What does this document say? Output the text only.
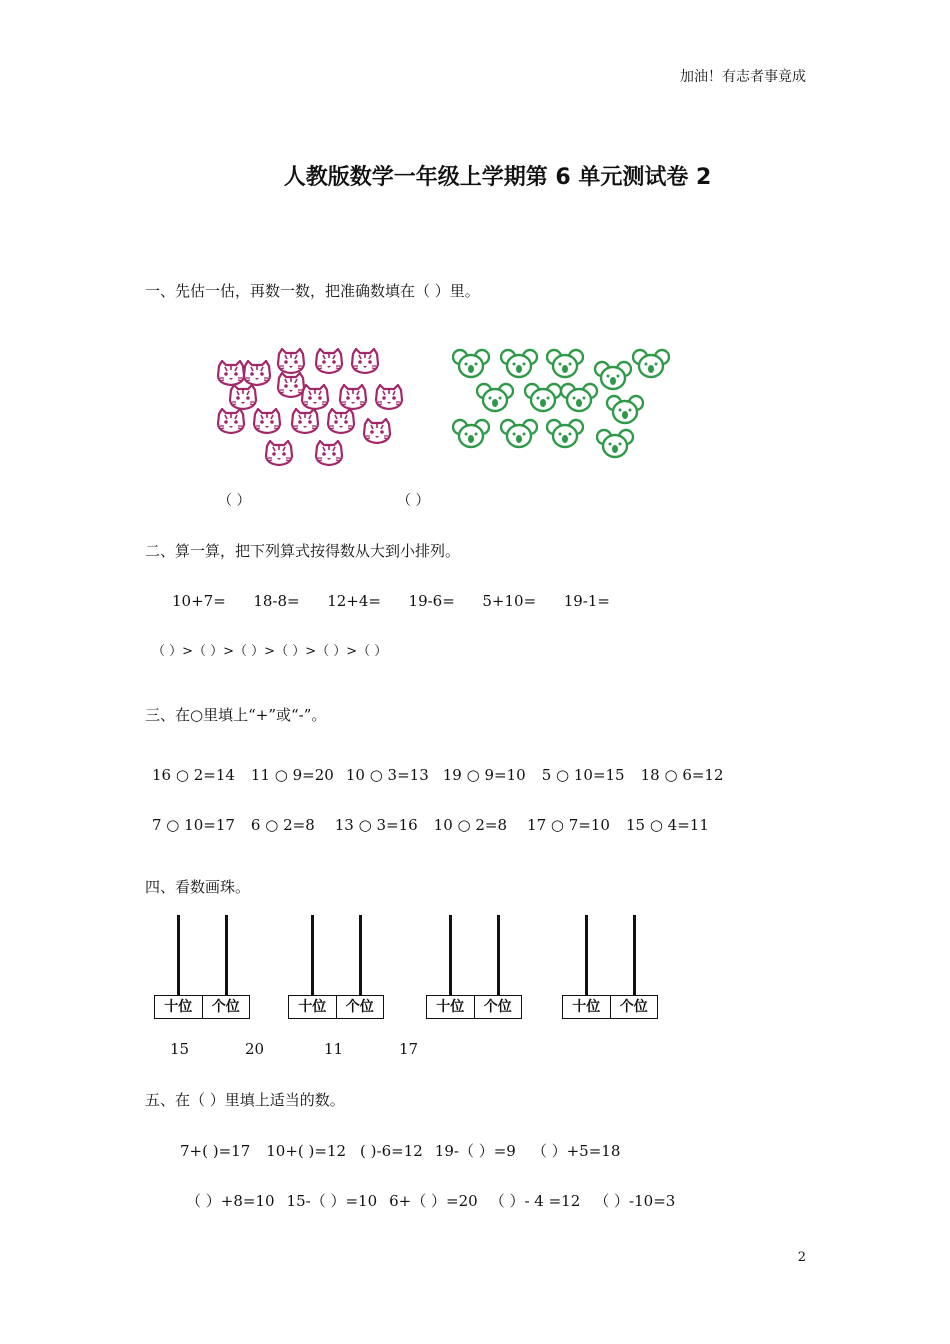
加油！有志者事竟成
人教版数学一年级上学期第 6 单元测试卷 2
一、先估一估，再数一数，把准确数填在（ ）里。
（ ）	（ ）
二、算一算，把下列算式按得数从大到小排列。
10+7= 18-8= 12+4= 19-6= 5+10= 19-1=
（ ）>（ ）>（ ）>（ ）>（ ）>（ ）
三、在○里填上“+”或“-”。
16 ○ 2=14 11 ○ 9=20 10 ○ 3=13 19 ○ 9=10 5 ○ 10=15 18 ○ 6=12
7 ○ 10=17 6 ○ 2=8 13 ○ 3=16 10 ○ 2=8 17 ○ 7=10 15 ○ 4=11
四、看数画珠。
十位	个位	十位	个位	十位	个位	十位	个位
15	20	11	17
五、在（ ）里填上适当的数。
7+( )=17 10+( )=12 ( )-6=12 19-（ ）=9 （ ）+5=18
（ ）+8=10 15-（ ）=10 6+（ ）=20 （ ）- 4 =12 （ ）-10=3
2
